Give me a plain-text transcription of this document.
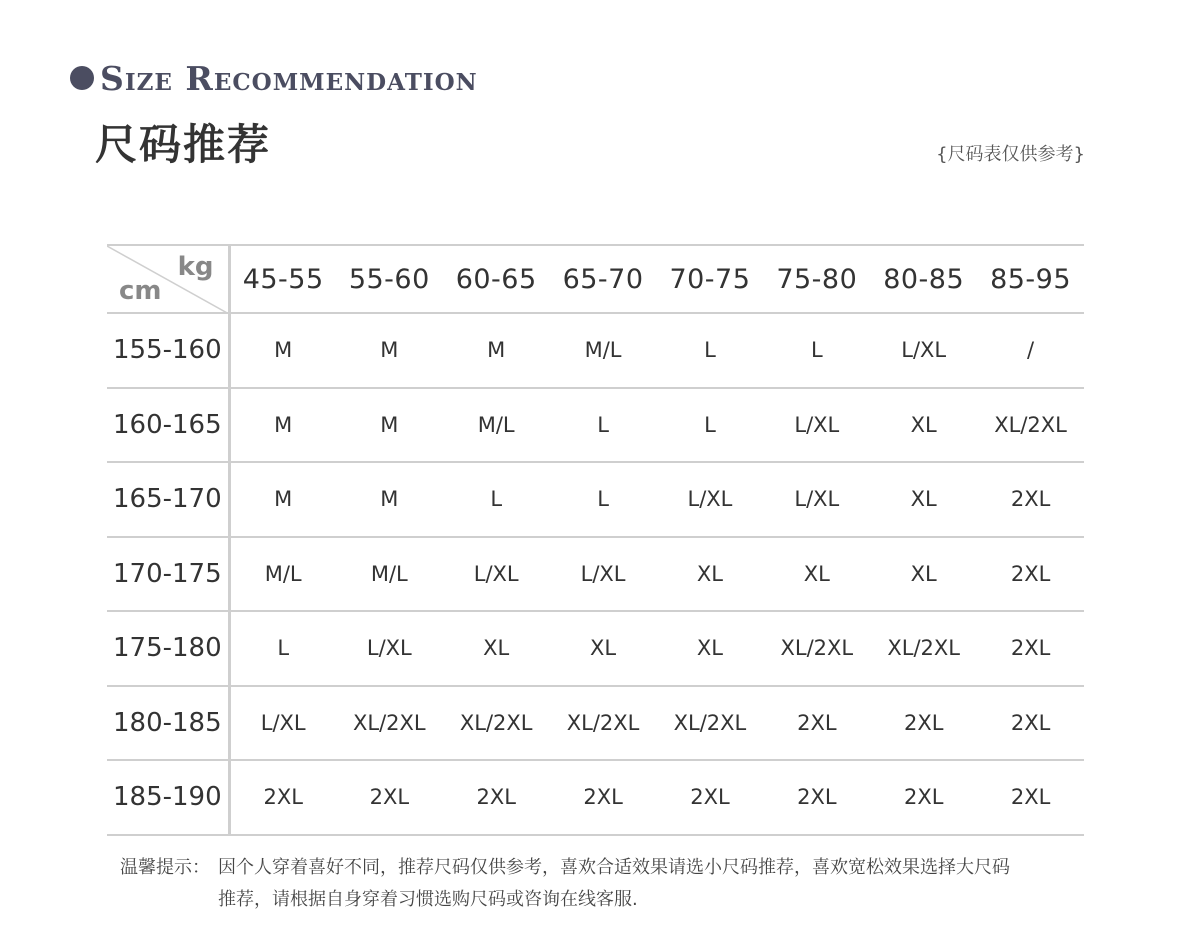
Size Recommendation
尺码推荐	{尺码表仅供参考}
kg
cm	45-55	55-60	60-65	65-70	70-75	75-80	80-85	85-95
155-160	M	M	M	M/L	L	L	L/XL	/
160-165	M	M	M/L	L	L	L/XL	XL	XL/2XL
165-170	M	M	L	L	L/XL	L/XL	XL	2XL
170-175	M/L	M/L	L/XL	L/XL	XL	XL	XL	2XL
175-180	L	L/XL	XL	XL	XL	XL/2XL	XL/2XL	2XL
180-185	L/XL	XL/2XL	XL/2XL	XL/2XL	XL/2XL	2XL	2XL	2XL
185-190	2XL	2XL	2XL	2XL	2XL	2XL	2XL	2XL
温馨提示： 因个人穿着喜好不同，推荐尺码仅供参考，喜欢合适效果请选小尺码推荐，喜欢宽松效果选择大尺码
推荐，请根据自身穿着习惯选购尺码或咨询在线客服.
